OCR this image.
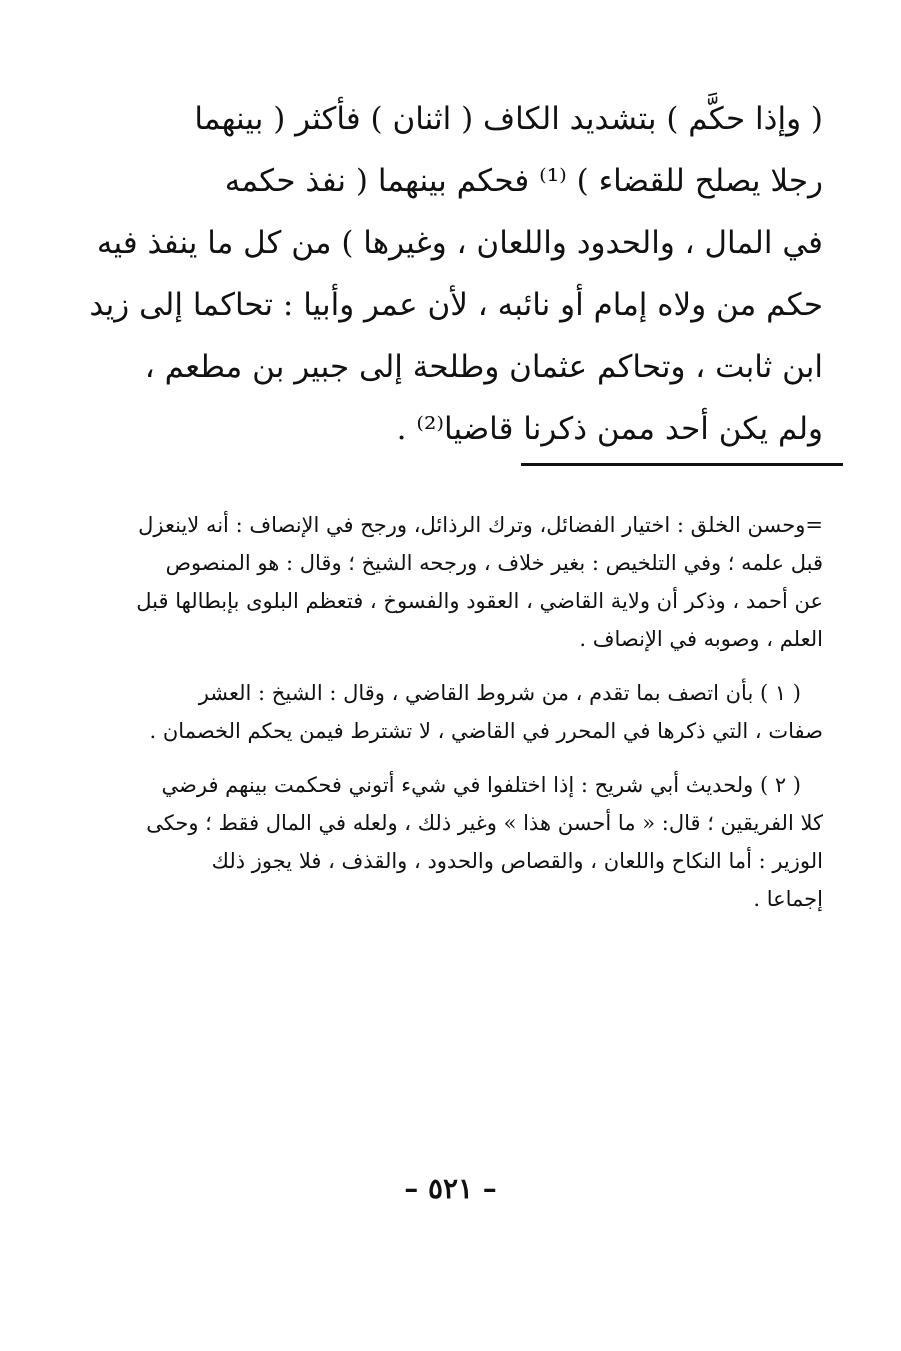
( وإذا حكَّم ) بتشديد الكاف ( اثنان ) فأكثر ( بينهما
رجلا يصلح للقضاء ) ⁽¹⁾ فحكم بينهما ( نفذ حكمه
في المال ، والحدود واللعان ، وغيرها ) من كل ما ينفذ فيه
حكم من ولاه إمام أو نائبه ، لأن عمر وأبيا : تحاكما إلى زيد
ابن ثابت ، وتحاكم عثمان وطلحة إلى جبير بن مطعم ،
ولم يكن أحد ممن ذكرنا قاضيا⁽²⁾ .
=وحسن الخلق : اختيار الفضائل، وترك الرذائل، ورجح في الإنصاف : أنه لاينعزل
قبل علمه ؛ وفي التلخيص : بغير خلاف ، ورجحه الشيخ ؛ وقال : هو المنصوص
عن أحمد ، وذكر أن ولاية القاضي ، العقود والفسوخ ، فتعظم البلوى بإبطالها قبل
العلم ، وصوبه في الإنصاف .
( ١ ) بأن اتصف بما تقدم ، من شروط القاضي ، وقال : الشيخ : العشر
صفات ، التي ذكرها في المحرر في القاضي ، لا تشترط فيمن يحكم الخصمان .
( ٢ ) ولحديث أبي شريح : إذا اختلفوا في شيء أتوني فحكمت بينهم فرضي
كلا الفريقين ؛ قال: « ما أحسن هذا » وغير ذلك ، ولعله في المال فقط ؛ وحكى
الوزير : أما النكاح واللعان ، والقصاص والحدود ، والقذف ، فلا يجوز ذلك
إجماعا .
– ٥٢١ –
